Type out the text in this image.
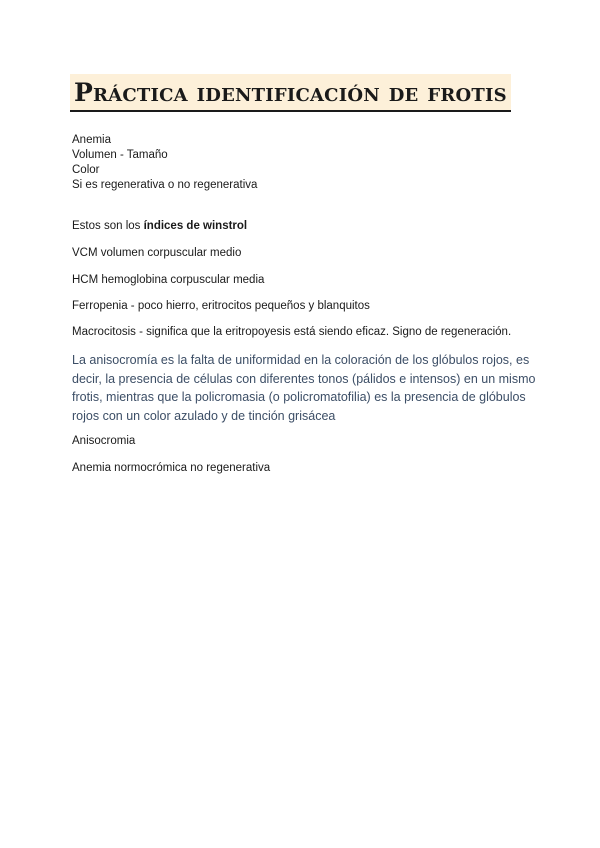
Práctica identificación de frotis
Anemia
Volumen - Tamaño
Color
Si es regenerativa o no regenerativa
Estos son los índices de winstrol
VCM volumen corpuscular medio
HCM hemoglobina corpuscular media
Ferropenia - poco hierro, eritrocitos pequeños y blanquitos
Macrocitosis - significa que la eritropoyesis está siendo eficaz. Signo de regeneración.
La anisocromía es la falta de uniformidad en la coloración de los glóbulos rojos, es
decir, la presencia de células con diferentes tonos (pálidos e intensos) en un mismo
frotis, mientras que la policromasia (o policromatofilia) es la presencia de glóbulos
rojos con un color azulado y de tinción grisácea
Anisocromia
Anemia normocrómica no regenerativa
